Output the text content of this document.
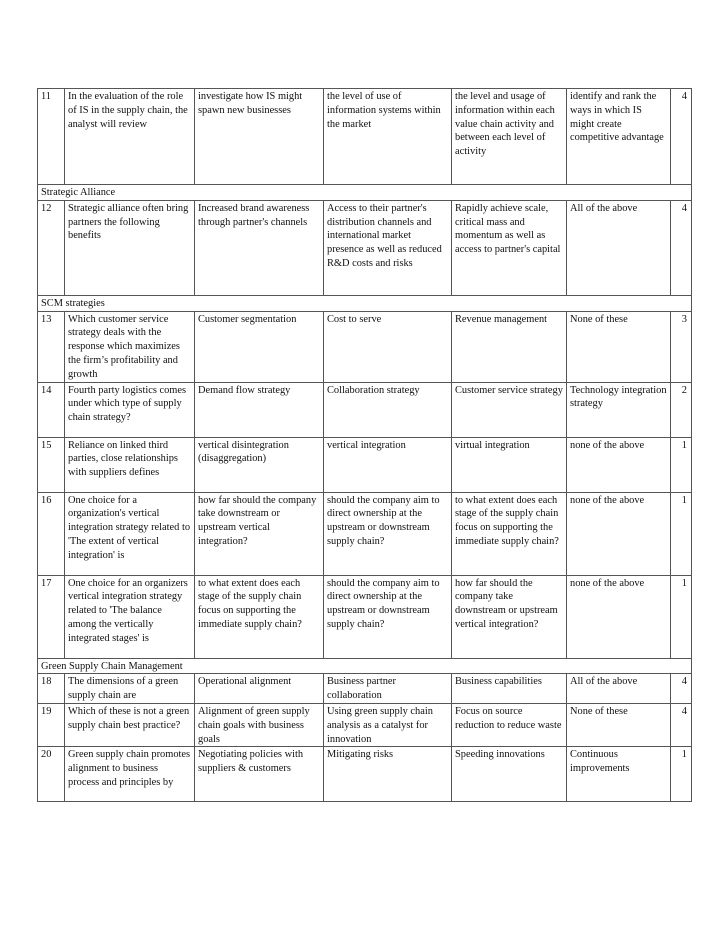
11	In the evaluation of the role of IS in the supply chain, the analyst will review	investigate how IS might spawn new businesses	the level of use of information systems within the market	the level and usage of information within each value chain activity and between each level of activity	identify and rank the ways in which IS might create competitive advantage	4
Strategic Alliance						
12	Strategic alliance often bring partners the following benefits	Increased brand awareness through partner's channels	Access to their partner's distribution channels and international market presence as well as reduced R&D costs and risks	Rapidly achieve scale, critical mass and momentum as well as access to partner's capital	All of the above	4
SCM strategies						
13	Which customer service strategy deals with the response which maximizes the firm’s profitability and growth	Customer segmentation	Cost to serve	Revenue management	None of these	3
14	Fourth party logistics comes under which type of supply chain strategy?	Demand flow strategy	Collaboration strategy	Customer service strategy	Technology integration strategy	2
15	Reliance on linked third parties, close relationships with suppliers defines	vertical disintegration (disaggregation)	vertical integration	virtual integration	none of the above	1
16	One choice for a organization's vertical integration strategy related to 'The extent of vertical integration' is	how far should the company take downstream or upstream vertical integration?	should the company aim to direct ownership at the upstream or downstream supply chain?	to what extent does each stage of the supply chain focus on supporting the immediate supply chain?	none of the above	1
17	One choice for an organizers vertical integration strategy related to 'The balance among the vertically integrated stages' is	to what extent does each stage of the supply chain focus on supporting the immediate supply chain?	should the company aim to direct ownership at the upstream or downstream supply chain?	how far should the company take downstream or upstream vertical integration?	none of the above	1
Green Supply Chain Management						
18	The dimensions of a green supply chain are	Operational alignment	Business partner collaboration	Business capabilities	All of the above	4
19	Which of these is not a green supply chain best practice?	Alignment of green supply chain goals with business goals	Using green supply chain analysis as a catalyst for innovation	Focus on source reduction to reduce waste	None of these	4
20	Green supply chain promotes alignment to business process and principles by	Negotiating policies with suppliers & customers	Mitigating risks	Speeding innovations	Continuous improvements	1
